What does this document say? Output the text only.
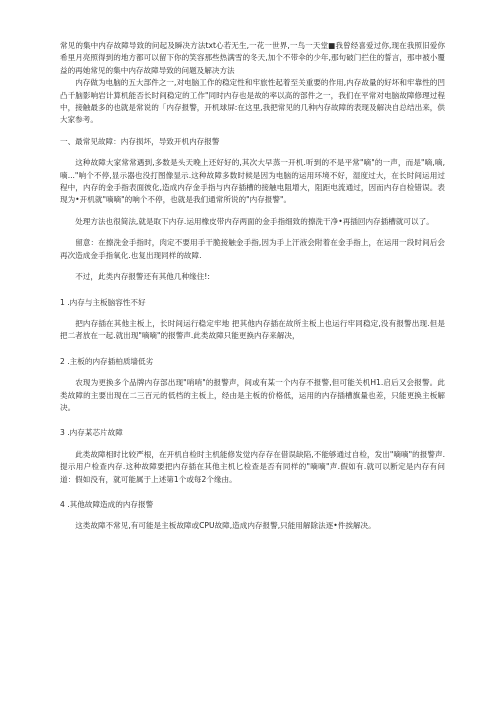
常见的集中内存故障导致的问起及瞬决方法txt心若无生,一花一世界,一鸟一天堂■我曾经喜爱过你,现在我照旧爱你希里月亮照得到的地方都可以留下你的笑容那些热满雪的冬天,加个不带伞的少年,那句破门拦住的誓言，那申被小覆益的再她常见的集中内存故障导致的问题及解决方法

内存做为电脑的五大部件之一,对电脑工作的稳定性和牢旅性起着至关重要的作用,内存故量的好坏和牢靠性的凹凸千脑影响岩计算机能否长时间稳定的工作"同时内存也是故的率以高的部件之一，我们在平常对电脑故障修理过程中，接触最多的也就是常说的「内存报警，开机球屏:在这里,我把常见的几种内存故障的表现及解决自总结出来，供大家参考。

一、最常见故障：内存损坏，导致开机内存报警

这种故障大家常常遇到,多数是头天晚上还好好的,其次大早蒸一开机.听到的不是平常"嘀"的一声，而是"嘀,嘀,嘀..."响个不停,显示器也没打图像显示.这种故障多数时候是因为电脑的运用环境不好，湿度过大，在长时间运用过程中，内存的金手指表面彼化,造成内存金手指与内存插槽的接触电阻增大，阻距电流通过，因而内存自检错误。表现为•开机就"嘀嘀"的响个不停，也就是我们通常所说的"内存报警"。

处理方法也很简法,就是取下内存.运用橡皮带内存两面的金手指细致的擦洗干净•再插回内存插槽就可以了。

留意：在擦洗金手指时，肉定不要用手干脆接触金手指,因为手上汗液会附着在金手指上，在运用一段时间后会再次造成金手指氧化.也复出现同样的故障.

不过，此类内存报警还有其他几种缘住!:

1 .内存与主板脑容性不好

把内存插在其他主板上，长时间运行稳定牢地 把其他内存插在故所主板上也运行牢同稳定,没有报警出现.但是把二者放在一起.就出现"嘀嘀"的报警声.此类故障只能更换内存来解决，

2 .主板的内存插柏质墙低劣

农现为更换多个品牌内存部出现"哨哨"的报警声，间或有某一个内存不报警,但可能关机H1.启后又会报警。此类故障的主要出现在二三百元的低档的主板上，经由是主板的价格低，运用的内存插槽旗量也差，只能更换主板解决。

3 .内存某芯片故障

此类故障相时比较严根，在开机自检时主机能修发觉内存存在借误缺陷,不能够通过自检，发出"嘀嘀"的报警声.提示用户检查内存.这种故障要把内存插在其他主机匕检查是否有同样的"嘀嘀"声.假如有.就可以断定是内存有问道：假如没有，就可能属于上述第1个或每2个缘由。

4 .其他故障造成的内存报警

这类故障不常见,有可能是主板故障或CPU故障,造成内存报警,只能用解除法逐•件挨解决。
